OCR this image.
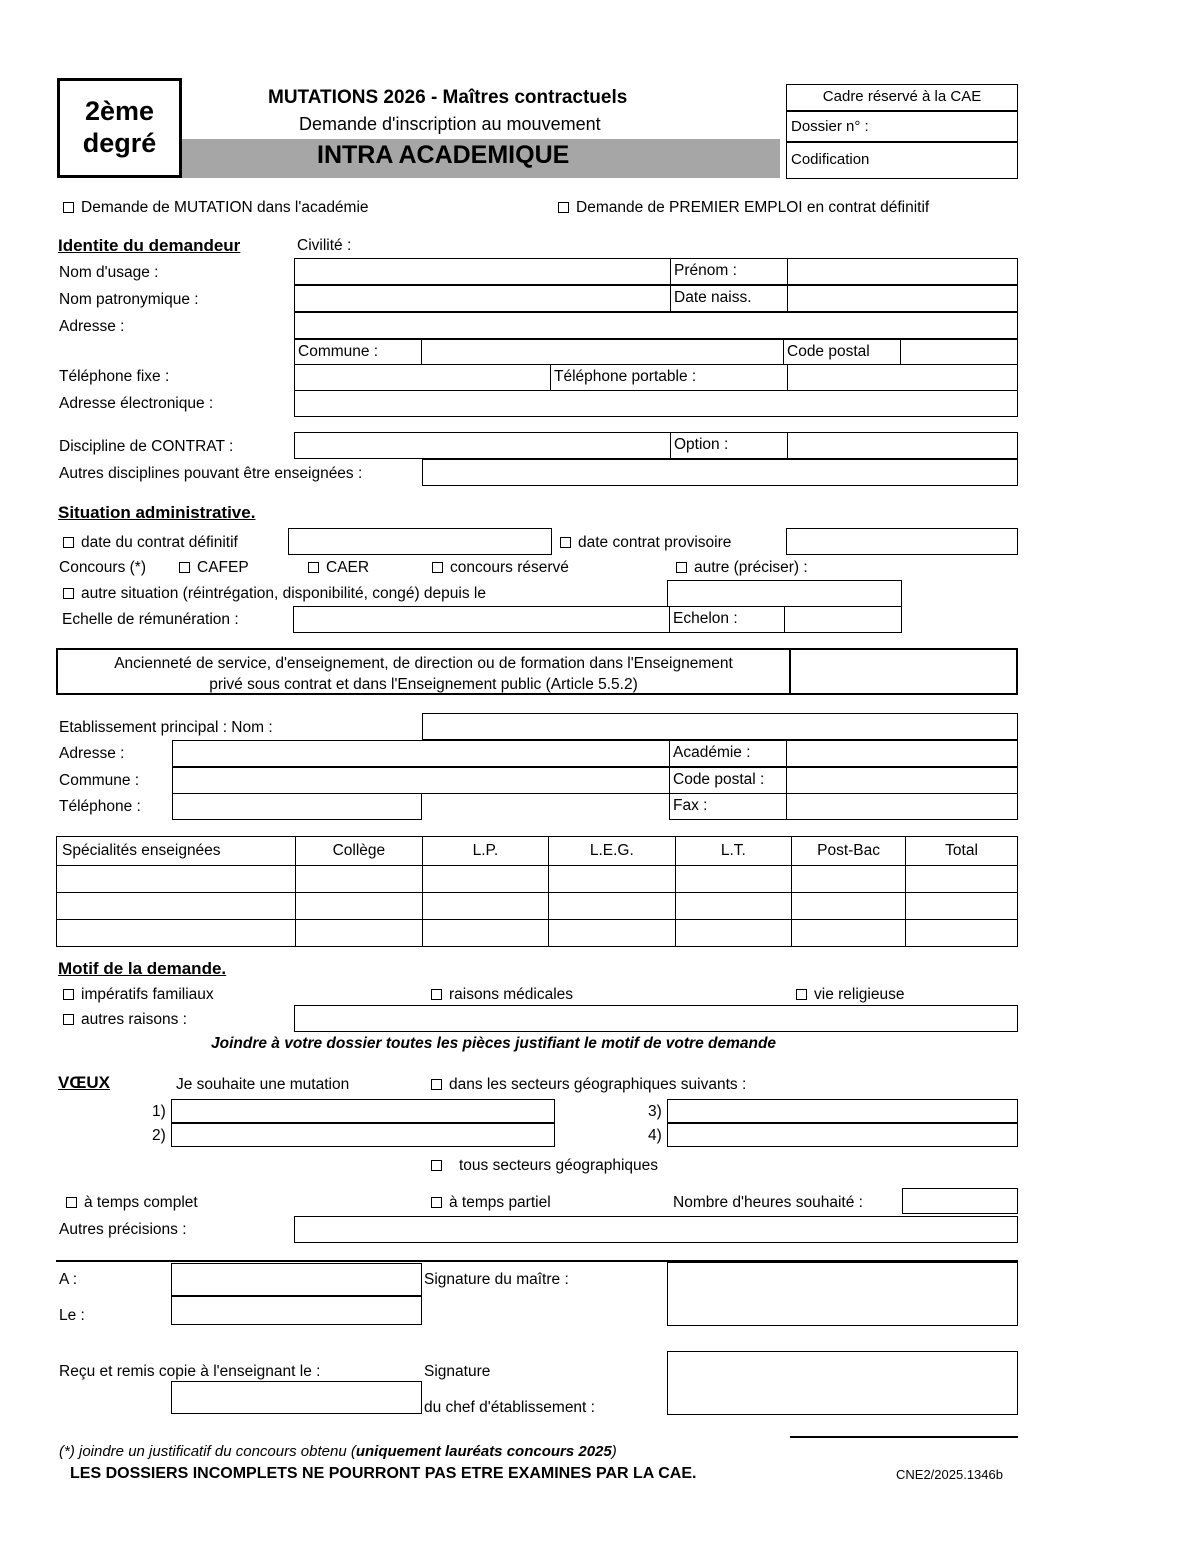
2ème
degré
MUTATIONS 2026 - Maîtres contractuels
Demande d'inscription au mouvement
INTRA ACADEMIQUE
Cadre réservé à la CAE
Dossier n° :
Codification
Demande de MUTATION dans l'académie	Demande de PREMIER EMPLOI en contrat définitif
Identite du demandeur	Civilité :
Nom d'usage :	Prénom :
Nom patronymique :	Date naiss.
Adresse :
Commune :	Code postal
Téléphone fixe :	Téléphone portable :
Adresse électronique :
Discipline de CONTRAT :	Option :
Autres disciplines pouvant être enseignées :
Situation administrative.
date du contrat définitif	date contrat provisoire
Concours (*)	CAFEP	CAER	concours réservé	autre (préciser) :
autre situation (réintrégation, disponibilité, congé) depuis le
Echelle de rémunération :	Echelon :
Ancienneté de service, d'enseignement, de direction ou de formation dans l'Enseignement
privé sous contrat et dans l'Enseignement public (Article 5.5.2)
Etablissement principal : Nom :
Adresse :	Académie :
Commune :	Code postal :
Téléphone :	Fax :
Spécialités enseignées	Collège	L.P.	L.E.G.	L.T.	Post-Bac	Total

Motif de la demande.
impératifs familiaux	raisons médicales	vie religieuse
autres raisons :
Joindre à votre dossier toutes les pièces justifiant le motif de votre demande
VŒUX	Je souhaite une mutation	dans les secteurs géographiques suivants :
1)
2)
3)
4)
tous secteurs géographiques
à temps complet	à temps partiel	Nombre d'heures souhaité :
Autres précisions :
A :
Le :
Signature du maître :
Reçu et remis copie à l'enseignant le :	Signature
du chef d'établissement :
(*) joindre un justificatif du concours obtenu (uniquement lauréats concours 2025)
LES DOSSIERS INCOMPLETS NE POURRONT PAS ETRE EXAMINES PAR LA CAE.	CNE2/2025.1346b
